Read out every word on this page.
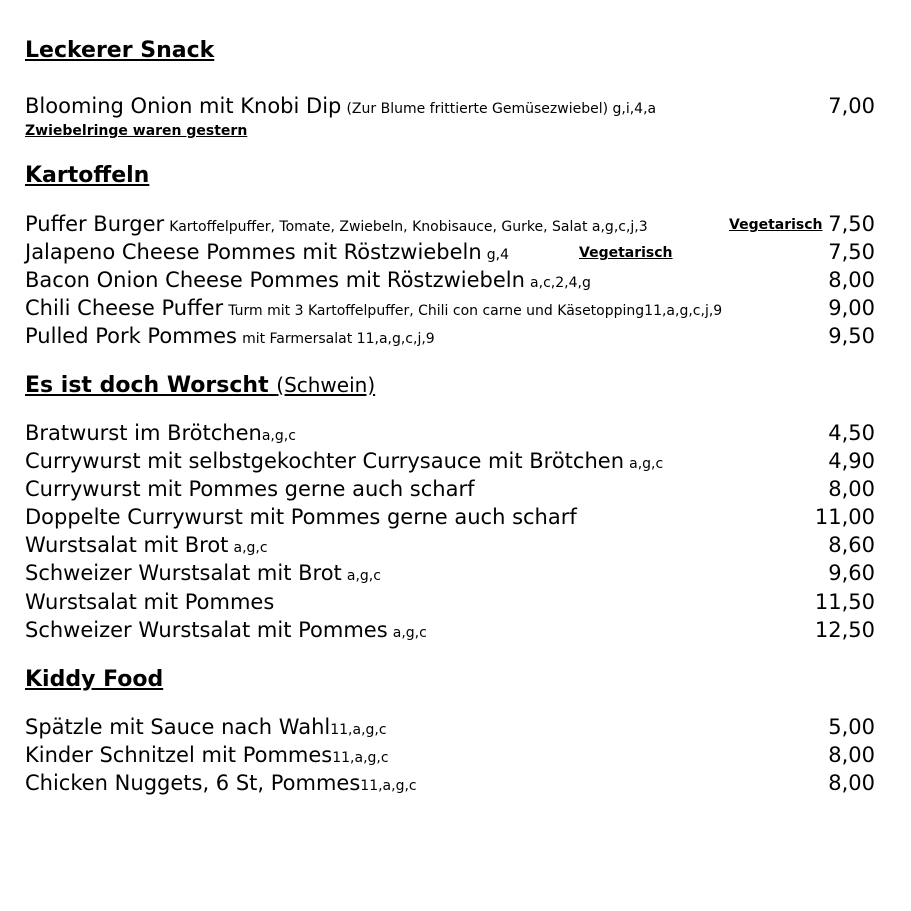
Leckerer Snack
Blooming Onion mit Knobi Dip (Zur Blume frittierte Gemüsezwiebel) g,i,4,a	7,00
Zwiebelringe waren gestern
Kartoffeln
Puffer Burger Kartoffelpuffer, Tomate, Zwiebeln, Knobisauce, Gurke, Salat a,g,c,j,3	Vegetarisch 7,50
Jalapeno Cheese Pommes mit Röstzwiebeln g,4	Vegetarisch	7,50
Bacon Onion Cheese Pommes mit Röstzwiebeln a,c,2,4,g	8,00
Chili Cheese Puffer Turm mit 3 Kartoffelpuffer, Chili con carne und Käsetopping11,a,g,c,j,9	9,00
Pulled Pork Pommes mit Farmersalat 11,a,g,c,j,9	9,50
Es ist doch Worscht (Schwein)
Bratwurst im Brötchena,g,c	4,50
Currywurst mit selbstgekochter Currysauce mit Brötchen a,g,c	4,90
Currywurst mit Pommes gerne auch scharf	8,00
Doppelte Currywurst mit Pommes gerne auch scharf	11,00
Wurstsalat mit Brot a,g,c	8,60
Schweizer Wurstsalat mit Brot a,g,c	9,60
Wurstsalat mit Pommes	11,50
Schweizer Wurstsalat mit Pommes a,g,c	12,50
Kiddy Food
Spätzle mit Sauce nach Wahl11,a,g,c	5,00
Kinder Schnitzel mit Pommes11,a,g,c	8,00
Chicken Nuggets, 6 St, Pommes11,a,g,c	8,00
